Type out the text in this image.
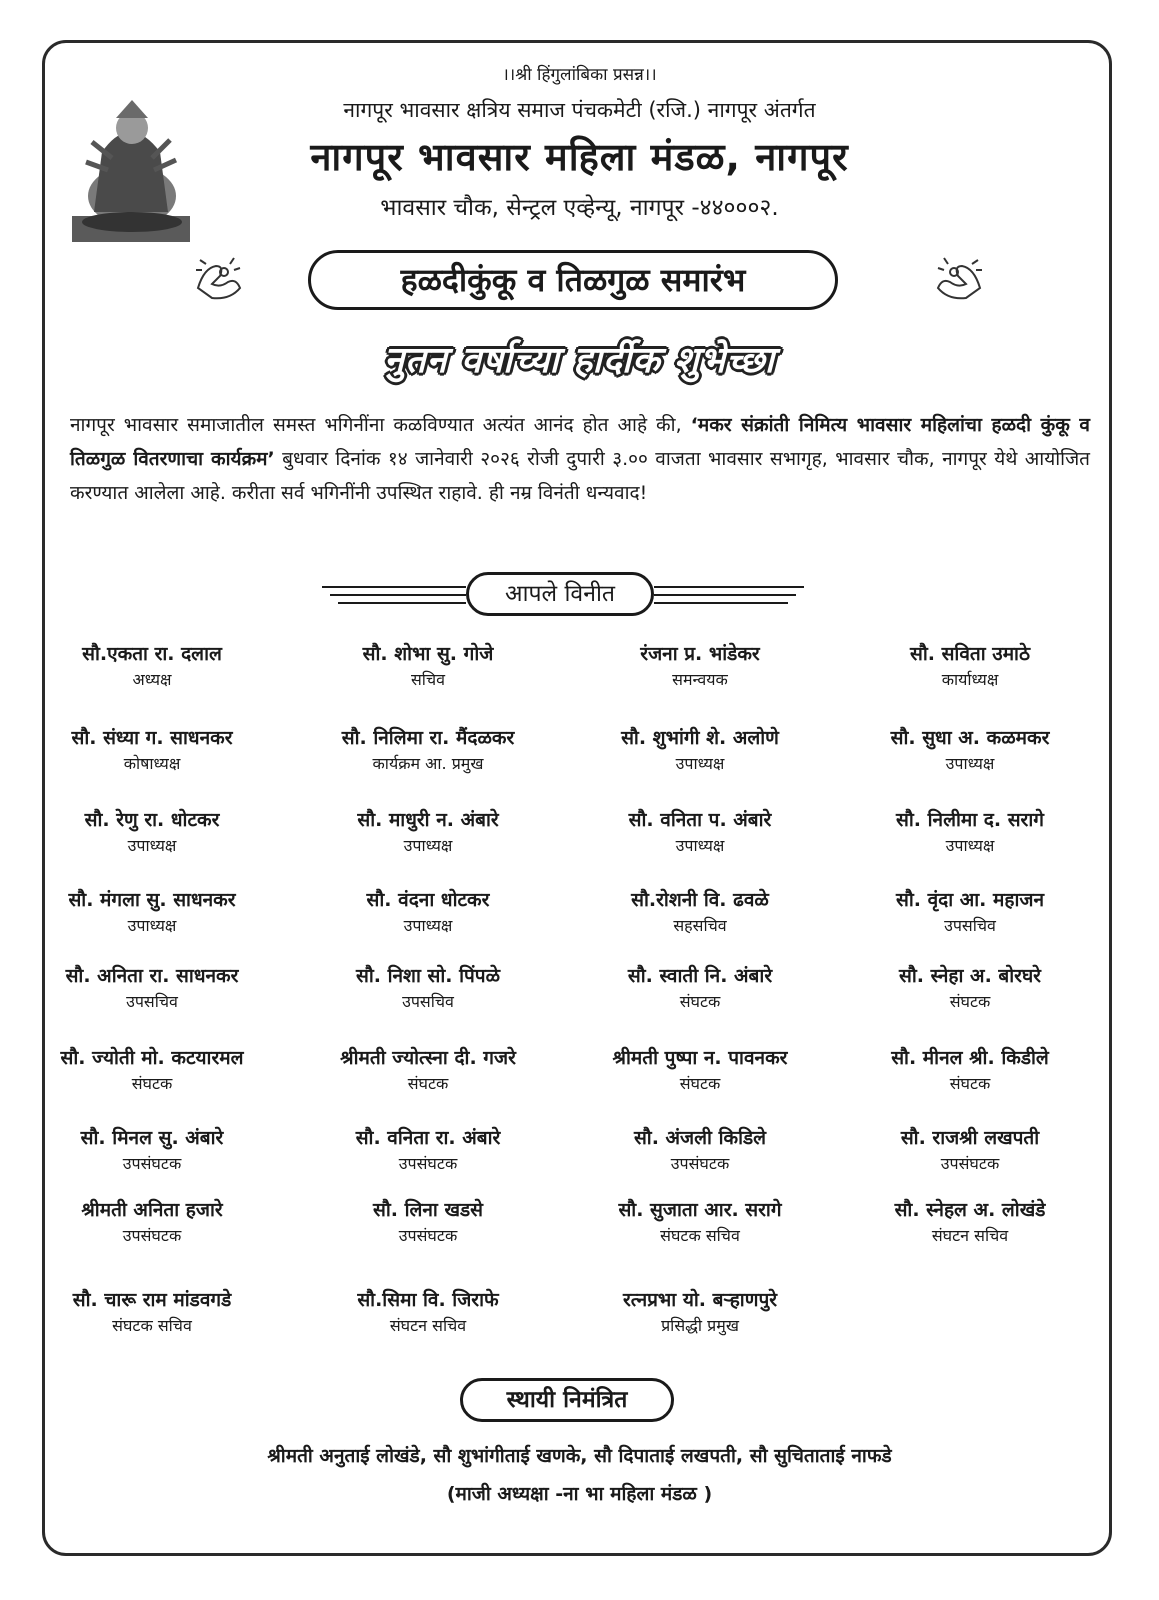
।।श्री हिंगुलांबिका प्रसन्न।।
नागपूर भावसार क्षत्रिय समाज पंचकमेटी (रजि.) नागपूर अंतर्गत
नागपूर भावसार महिला मंडळ, नागपूर
भावसार चौक, सेन्ट्रल एव्हेन्यू, नागपूर -४४०००२.
हळदीकुंकू व तिळगुळ समारंभ
नुतन वर्षाच्या हार्दीक शुभेच्छा
नागपूर भावसार समाजातील समस्त भगिनींना कळविण्यात अत्यंत आनंद होत आहे की, ‘मकर संक्रांती निमित्य भावसार महिलांचा हळदी कुंकू व तिळगुळ वितरणाचा कार्यक्रम’ बुधवार दिनांक १४ जानेवारी २०२६ रोजी दुपारी ३.०० वाजता भावसार सभागृह, भावसार चौक, नागपूर येथे आयोजित करण्यात आलेला आहे. करीता सर्व भगिनींनी उपस्थित राहावे. ही नम्र विनंती धन्यवाद!
आपले विनीत
सौ.एकता रा. दलाल
अध्यक्ष
सौ. शोभा सु. गोजे
सचिव
रंजना प्र. भांडेकर
समन्वयक
सौ. सविता उमाठे
कार्याध्यक्ष
सौ. संध्या ग. साधनकर
कोषाध्यक्ष
सौ. निलिमा रा. मैंदळकर
कार्यक्रम आ. प्रमुख
सौ. शुभांगी शे. अलोणे
उपाध्यक्ष
सौ. सुधा अ. कळमकर
उपाध्यक्ष
सौ. रेणु रा. धोटकर
उपाध्यक्ष
सौ. माधुरी न. अंबारे
उपाध्यक्ष
सौ. वनिता प. अंबारे
उपाध्यक्ष
सौ. निलीमा द. सरागे
उपाध्यक्ष
सौ. मंगला सु. साधनकर
उपाध्यक्ष
सौ. वंदना धोटकर
उपाध्यक्ष
सौ.रोशनी वि. ढवळे
सहसचिव
सौ. वृंदा आ. महाजन
उपसचिव
सौ. अनिता रा. साधनकर
उपसचिव
सौ. निशा सो. पिंपळे
उपसचिव
सौ. स्वाती नि. अंबारे
संघटक
सौ. स्नेहा अ. बोरघरे
संघटक
सौ. ज्योती मो. कटयारमल
संघटक
श्रीमती ज्योत्स्ना दी. गजरे
संघटक
श्रीमती पुष्पा न. पावनकर
संघटक
सौ. मीनल श्री. किडीले
संघटक
सौ. मिनल सु. अंबारे
उपसंघटक
सौ. वनिता रा. अंबारे
उपसंघटक
सौ. अंजली किडिले
उपसंघटक
सौ. राजश्री लखपती
उपसंघटक
श्रीमती अनिता हजारे
उपसंघटक
सौ. लिना खडसे
उपसंघटक
सौ. सुजाता आर. सरागे
संघटक सचिव
सौ. स्नेहल अ. लोखंडे
संघटन सचिव
सौ. चारू राम मांडवगडे
संघटक सचिव
सौ.सिमा वि. जिराफे
संघटन सचिव
रत्नप्रभा यो. बऱ्हाणपुरे
प्रसिद्धी प्रमुख
स्थायी निमंत्रित
श्रीमती अनुताई लोखंडे, सौ शुभांगीताई खणके, सौ दिपाताई लखपती, सौ सुचिताताई नाफडे
(माजी अध्यक्षा -ना भा महिला मंडळ )
